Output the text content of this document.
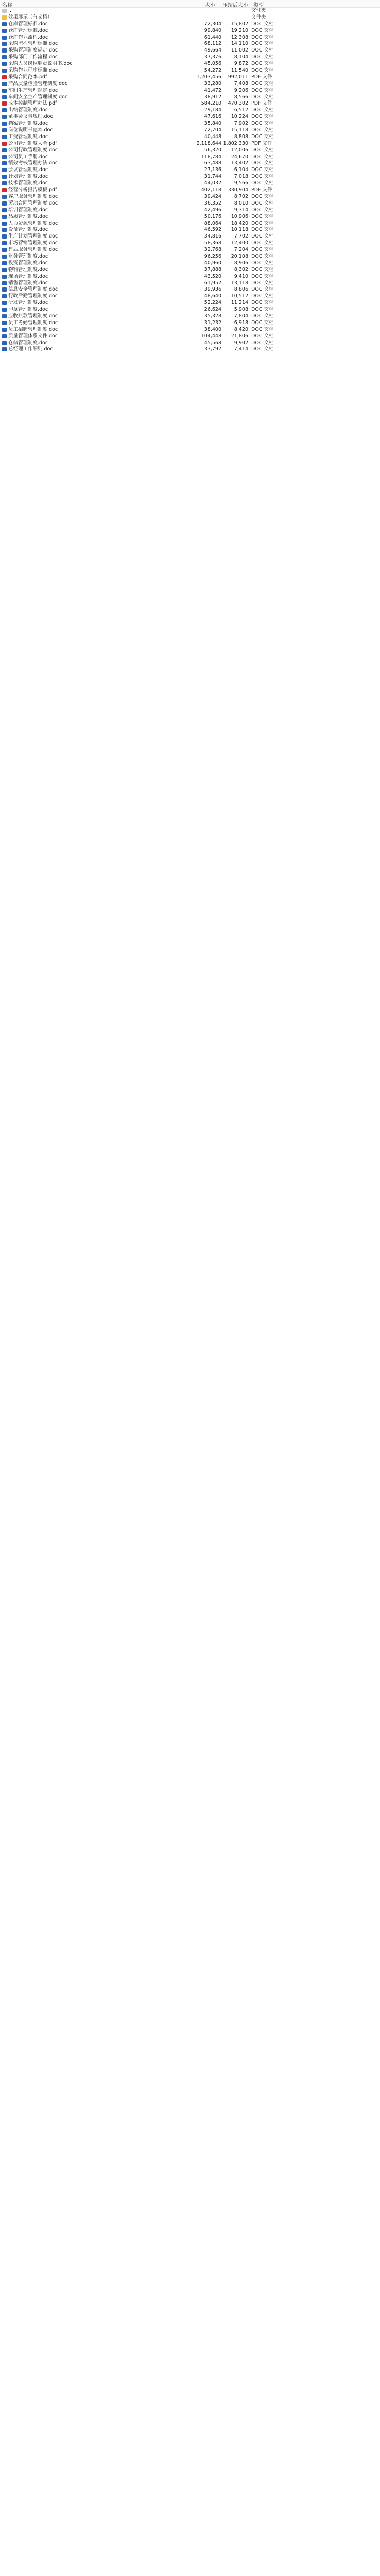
名称	大小 压缩后大小 类型
..	文件夹
效果展示（有文档）	文件夹
仓库管理标准.doc	72,304	15,802 DOC 文档
仓库管理标准.doc	99,840	19,210 DOC 文档
仓库作业流程.doc	61,440	12,308 DOC 文档
采购流程管理标准.doc	68,112	14,110 DOC 文档
采购管理制度规定.doc	49,664	11,002 DOC 文档
采购部门工作流程.doc	37,376	8,104 DOC 文档
采购人员岗位职责说明书.doc	45,056	9,872 DOC 文档
采购作业程序标准.doc	54,272	11,540 DOC 文档
采购合同范本.pdf	1,203,456	992,011 PDF 文件
产品质量检验管理制度.doc	33,280	7,408 DOC 文档
车间生产管理规定.doc	41,472	9,206 DOC 文档
车间安全生产管理制度.doc	38,912	8,566 DOC 文档
成本控制管理办法.pdf	584,210	470,302 PDF 文件
出纳管理制度.doc	29,184	6,512 DOC 文档
董事会议事规则.doc	47,616	10,224 DOC 文档
档案管理制度.doc	35,840	7,902 DOC 文档
岗位说明书范本.doc	72,704	15,118 DOC 文档
工资管理制度.doc	40,448	8,808 DOC 文档
公司管理制度大全.pdf	2,118,644 1,802,330 PDF 文件
公司行政管理制度.doc	56,320	12,006 DOC 文档
公司员工手册.doc	118,784	24,670 DOC 文档
绩效考核管理办法.doc	63,488	13,402 DOC 文档
会议管理制度.doc	27,136	6,104 DOC 文档
计划管理制度.doc	31,744	7,018 DOC 文档
技术管理制度.doc	44,032	9,566 DOC 文档
经营分析报告模板.pdf	402,118	330,904 PDF 文件
客户服务管理制度.doc	39,424	8,702 DOC 文档
劳动合同管理制度.doc	36,352	8,010 DOC 文档
培训管理制度.doc	42,496	9,314 DOC 文档
品质管理制度.doc	50,176	10,906 DOC 文档
人力资源管理制度.doc	88,064	18,420 DOC 文档
设备管理制度.doc	46,592	10,118 DOC 文档
生产计划管理制度.doc	34,816	7,702 DOC 文档
市场营销管理制度.doc	58,368	12,400 DOC 文档
售后服务管理制度.doc	32,768	7,204 DOC 文档
财务管理制度.doc	96,256	20,108 DOC 文档
投资管理制度.doc	40,960	8,906 DOC 文档
物料管理制度.doc	37,888	8,302 DOC 文档
现场管理制度.doc	43,520	9,410 DOC 文档
销售管理制度.doc	61,952	13,118 DOC 文档
信息安全管理制度.doc	39,936	8,806 DOC 文档
行政后勤管理制度.doc	48,640	10,512 DOC 文档
研发管理制度.doc	52,224	11,214 DOC 文档
印章管理制度.doc	26,624	5,908 DOC 文档
应收账款管理制度.doc	35,328	7,804 DOC 文档
员工考勤管理制度.doc	31,232	6,918 DOC 文档
员工招聘管理制度.doc	38,400	8,420 DOC 文档
质量管理体系文件.doc	104,448	21,806 DOC 文档
仓储管理制度.doc	45,568	9,902 DOC 文档
总经理工作细则.doc	33,792	7,414 DOC 文档
